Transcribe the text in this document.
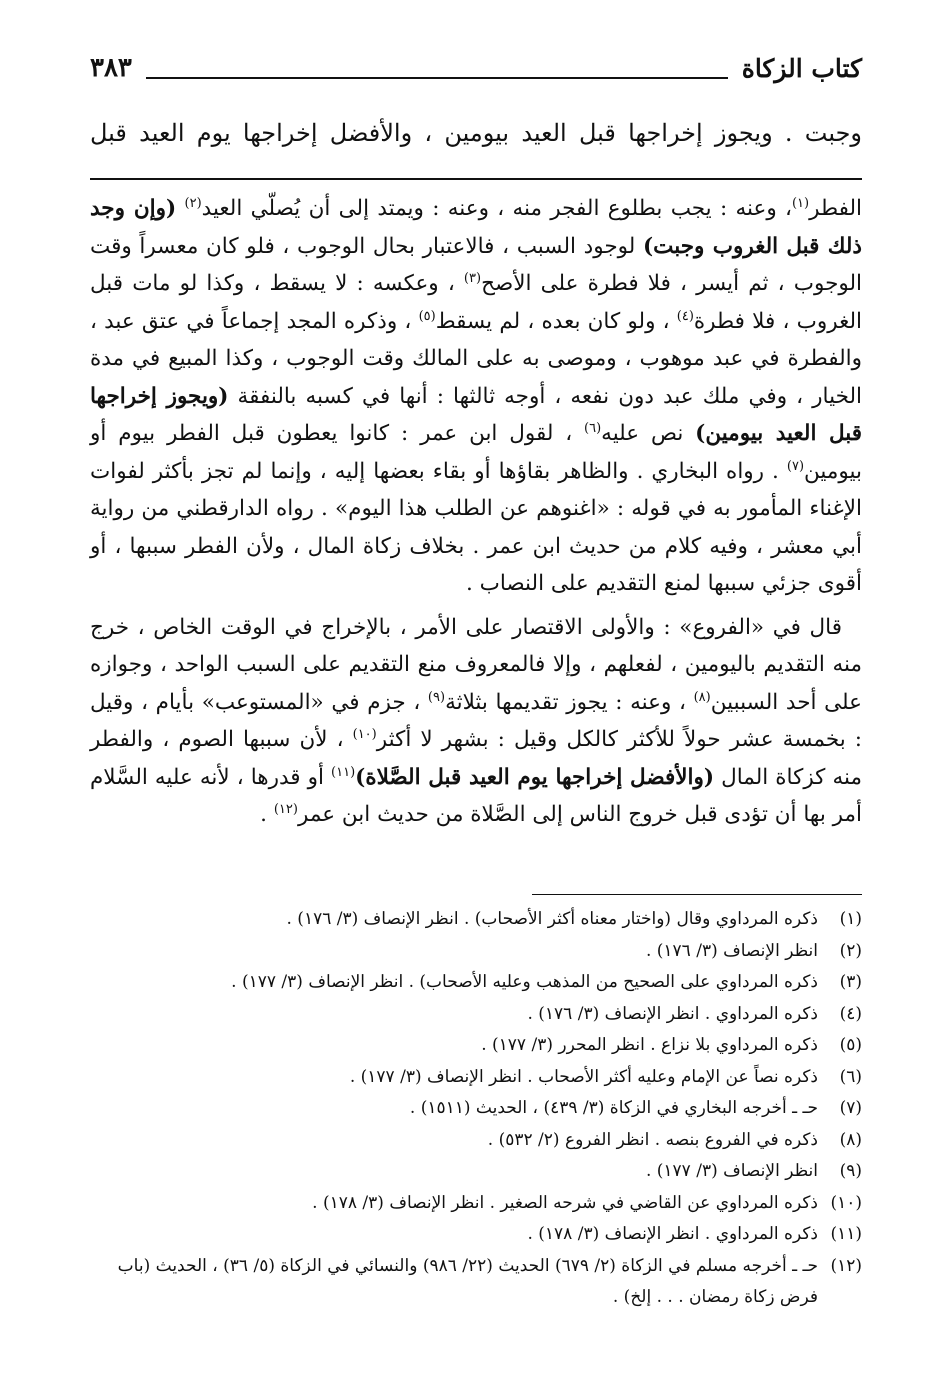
كتاب الزكاة
٣٨٣
وجبت . ويجوز إخراجها قبل العيد بيومين ، والأفضل إخراجها يوم العيد قبل

الفطر$^{(١)}$، وعنه : يجب بطلوع الفجر منه ، وعنه : ويمتد إلى أن يُصلّي العيد$^{(٢)}$ (وإن وجد ذلك قبل الغروب وجبت) لوجود السبب ، فالاعتبار بحال الوجوب ، فلو كان معسراً وقت الوجوب ، ثم أيسر ، فلا فطرة على الأصح$^{(٣)}$ ، وعكسه : لا يسقط ، وكذا لو مات قبل الغروب ، فلا فطرة$^{(٤)}$ ، ولو كان بعده ، لم يسقط$^{(٥)}$ ، وذكره المجد إجماعاً في عتق عبد ، والفطرة في عبد موهوب ، وموصى به على المالك وقت الوجوب ، وكذا المبيع في مدة الخيار ، وفي ملك عبد دون نفعه ، أوجه ثالثها : أنها في كسبه بالنفقة (ويجوز إخراجها قبل العيد بيومين) نص عليه$^{(٦)}$ ، لقول ابن عمر : كانوا يعطون قبل الفطر بيوم أو بيومين$^{(٧)}$ . رواه البخاري . والظاهر بقاؤها أو بقاء بعضها إليه ، وإنما لم تجز بأكثر لفوات الإغناء المأمور به في قوله : «اغنوهم عن الطلب هذا اليوم» . رواه الدارقطني من رواية أبي معشر ، وفيه كلام من حديث ابن عمر . بخلاف زكاة المال ، ولأن الفطر سببها ، أو أقوى جزئي سببها لمنع التقديم على النصاب .

قال في «الفروع» : والأولى الاقتصار على الأمر ، بالإخراج في الوقت الخاص ، خرج منه التقديم باليومين ، لفعلهم ، وإلا فالمعروف منع التقديم على السبب الواحد ، وجوازه على أحد السببين$^{(٨)}$ ، وعنه : يجوز تقديمها بثلاثة$^{(٩)}$ ، جزم في «المستوعب» بأيام ، وقيل : بخمسة عشر حولاً للأكثر كالكل وقيل : بشهر لا أكثر$^{(١٠)}$ ، لأن سببها الصوم ، والفطر منه كزكاة المال (والأفضل إخراجها يوم العيد قبل الصَّلاة)$^{(١١)}$ أو قدرها ، لأنه عليه السَّلام أمر بها أن تؤدى قبل خروج الناس إلى الصَّلاة من حديث ابن عمر$^{(١٢)}$ .

(١)
ذكره المرداوي وقال (واختار معناه أكثر الأصحاب) . انظر الإنصاف (٣/ ١٧٦) .
(٢)
انظر الإنصاف (٣/ ١٧٦) .
(٣)
ذكره المرداوي على الصحيح من المذهب وعليه الأصحاب) . انظر الإنصاف (٣/ ١٧٧) .
(٤)
ذكره المرداوي . انظر الإنصاف (٣/ ١٧٦) .
(٥)
ذكره المرداوي بلا نزاع . انظر المحرر (٣/ ١٧٧) .
(٦)
ذكره نصاً عن الإمام وعليه أكثر الأصحاب . انظر الإنصاف (٣/ ١٧٧) .
(٧)
حـ ـ أخرجه البخاري في الزكاة (٣/ ٤٣٩) ، الحديث (١٥١١) .
(٨)
ذكره في الفروع بنصه . انظر الفروع (٢/ ٥٣٢) .
(٩)
انظر الإنصاف (٣/ ١٧٧) .
(١٠)
ذكره المرداوي عن القاضي في شرحه الصغير . انظر الإنصاف (٣/ ١٧٨) .
(١١)
ذكره المرداوي . انظر الإنصاف (٣/ ١٧٨) .
(١٢)
حـ ـ أخرجه مسلم في الزكاة (٢/ ٦٧٩) الحديث (٢٢/ ٩٨٦) والنسائي في الزكاة (٥/ ٣٦) ، الحديث (باب فرض زكاة رمضان . . . إلخ) .
